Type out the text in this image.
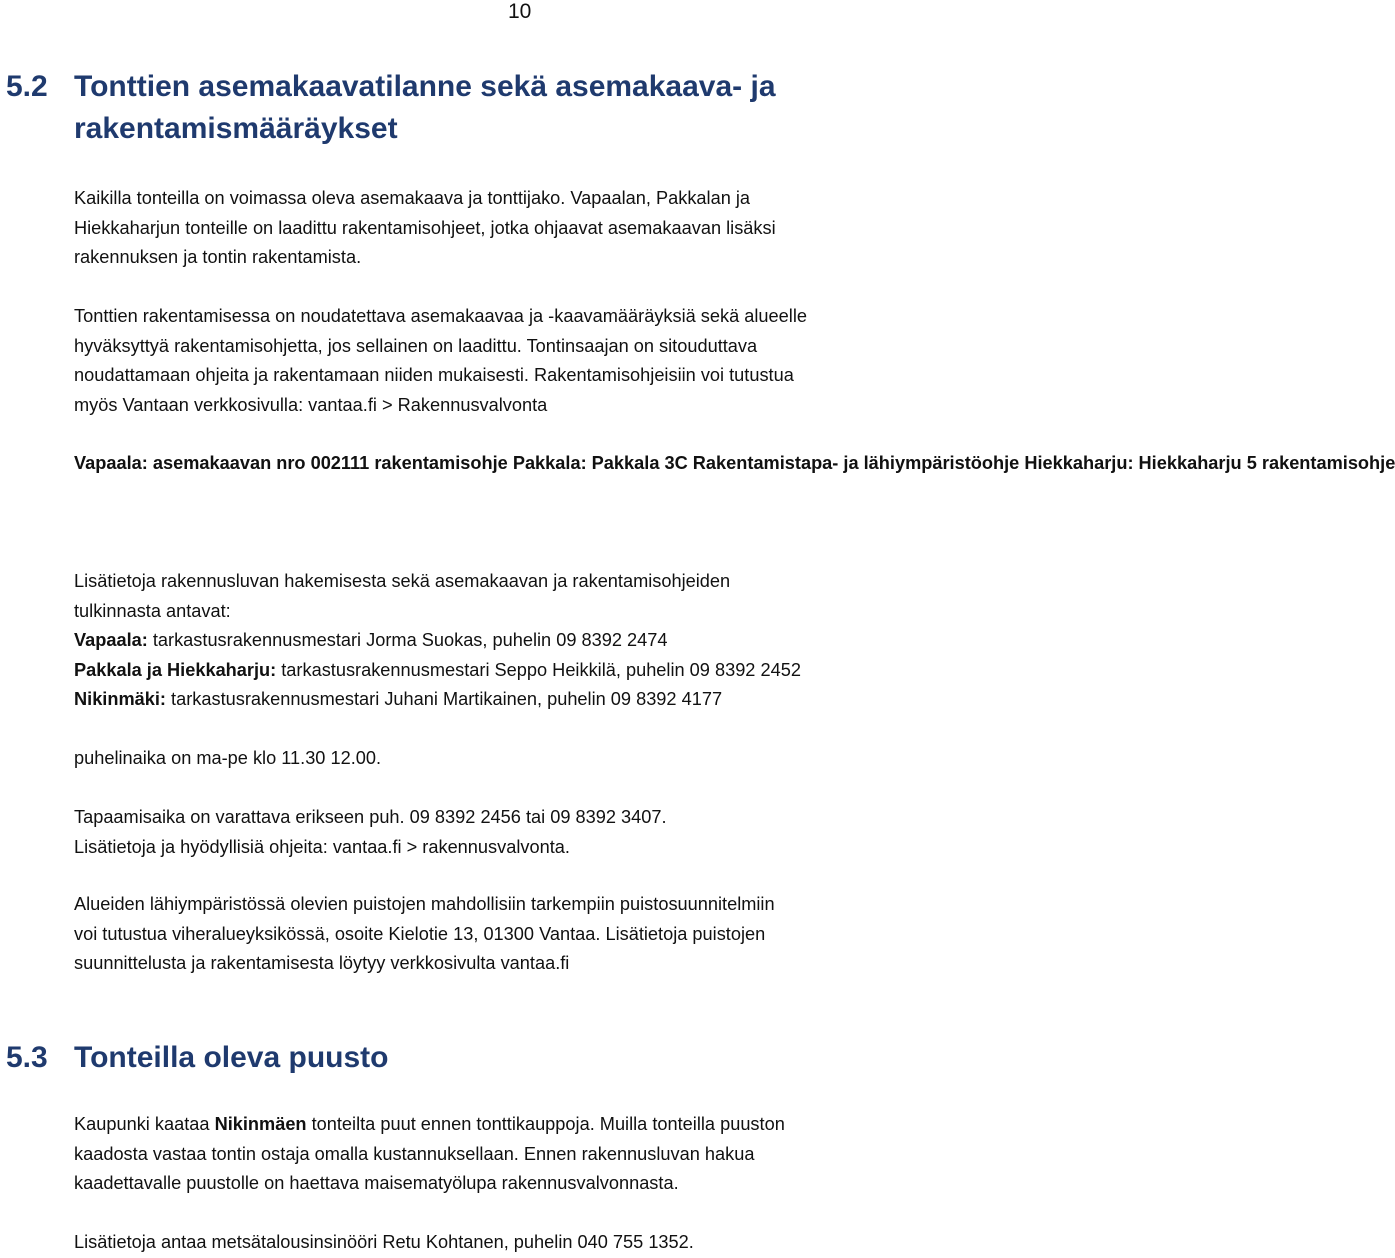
10
5.2 Tonttien asemakaavatilanne sekä asemakaava- ja
rakentamismääräykset

Kaikilla tonteilla on voimassa oleva asemakaava ja tonttijako. Vapaalan, Pakkalan ja
Hiekkaharjun tonteille on laadittu rakentamisohjeet, jotka ohjaavat asemakaavan lisäksi
rakennuksen ja tontin rakentamista.

Tonttien rakentamisessa on noudatettava asemakaavaa ja -kaavamääräyksiä sekä alueelle
hyväksyttyä rakentamisohjetta, jos sellainen on laadittu. Tontinsaajan on sitouduttava
noudattamaan ohjeita ja rakentamaan niiden mukaisesti. Rakentamisohjeisiin voi tutustua
myös Vantaan verkkosivulla: vantaa.fi > Rakennusvalvonta

Vapaala: asemakaavan nro 002111 rakentamisohje Pakkala: Pakkala 3C Rakentamistapa- ja lähiympäristöohje Hiekkaharju: Hiekkaharju 5 rakentamisohje

Lisätietoja rakennusluvan hakemisesta sekä asemakaavan ja rakentamisohjeiden
tulkinnasta antavat:
Vapaala: tarkastusrakennusmestari Jorma Suokas, puhelin 09 8392 2474
Pakkala ja Hiekkaharju: tarkastusrakennusmestari Seppo Heikkilä, puhelin 09 8392 2452
Nikinmäki: tarkastusrakennusmestari Juhani Martikainen, puhelin 09 8392 4177

puhelinaika on ma-pe klo 11.30 12.00.

Tapaamisaika on varattava erikseen puh. 09 8392 2456 tai 09 8392 3407.
Lisätietoja ja hyödyllisiä ohjeita: vantaa.fi > rakennusvalvonta.

Alueiden lähiympäristössä olevien puistojen mahdollisiin tarkempiin puistosuunnitelmiin
voi tutustua viheralueyksikössä, osoite Kielotie 13, 01300 Vantaa. Lisätietoja puistojen
suunnittelusta ja rakentamisesta löytyy verkkosivulta vantaa.fi

5.3 Tonteilla oleva puusto

Kaupunki kaataa Nikinmäen tonteilta puut ennen tonttikauppoja. Muilla tonteilla puuston
kaadosta vastaa tontin ostaja omalla kustannuksellaan. Ennen rakennusluvan hakua
kaadettavalle puustolle on haettava maisematyölupa rakennusvalvonnasta.

Lisätietoja antaa metsätalousinsinööri Retu Kohtanen, puhelin 040 755 1352.
